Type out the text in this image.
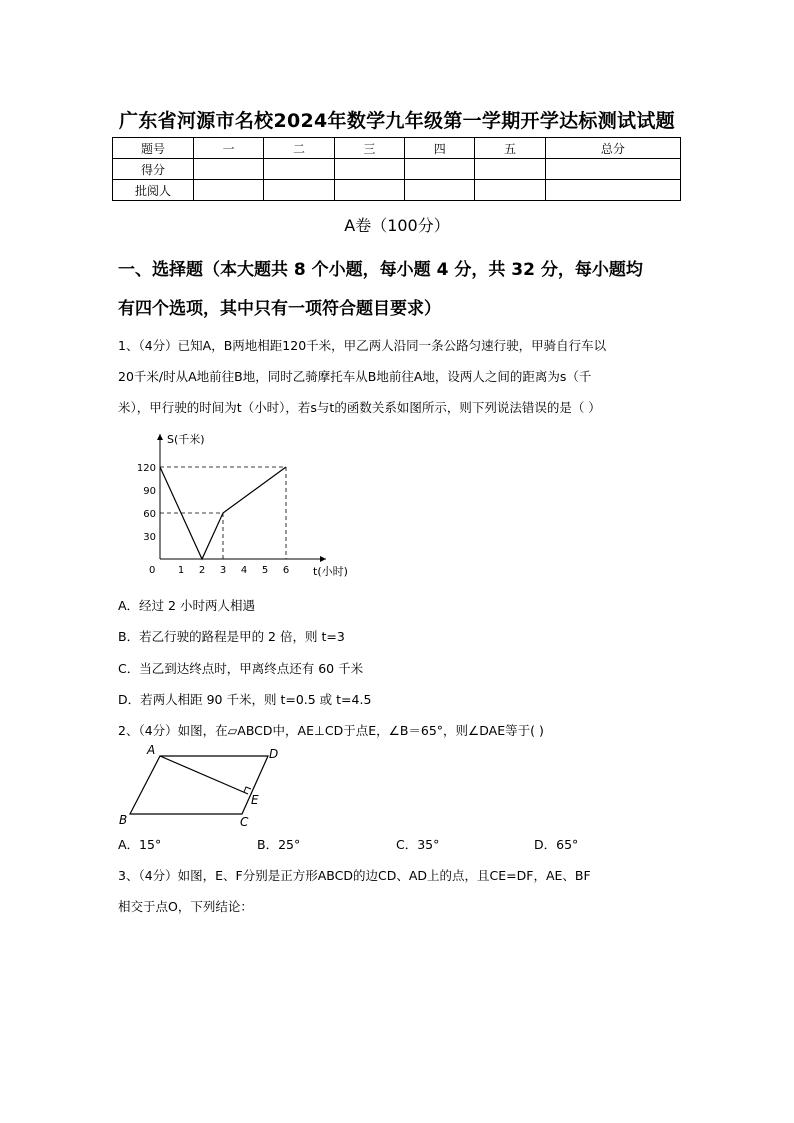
广东省河源市名校2024年数学九年级第一学期开学达标测试试题
题号	一	二	三	四	五	总分
得分						
批阅人						
A卷（100分）
一、选择题（本大题共 8 个小题，每小题 4 分，共 32 分，每小题均
有四个选项，其中只有一项符合题目要求）
1、（4分）已知A，B两地相距120千米，甲乙两人沿同一条公路匀速行驶，甲骑自行车以
20千米/时从A地前往B地，同时乙骑摩托车从B地前往A地，设两人之间的距离为s（千
米），甲行驶的时间为t（小时），若s与t的函数关系如图所示，则下列说法错误的是（ ）
S(千米)
t(小时)
0
120
90
60
30
1 2 3 4 5 6
A．经过 2 小时两人相遇
B．若乙行驶的路程是甲的 2 倍，则 t=3
C．当乙到达终点时，甲离终点还有 60 千米
D．若两人相距 90 千米，则 t=0.5 或 t=4.5
2、（4分）如图，在▱ABCD中，AE⊥CD于点E，∠B＝65°，则∠DAE等于( )
A	D
B	C
E
A．15°	B．25°	C．35°	D．65°
3、（4分）如图，E、F分别是正方形ABCD的边CD、AD上的点，且CE=DF，AE、BF
相交于点O，下列结论：
